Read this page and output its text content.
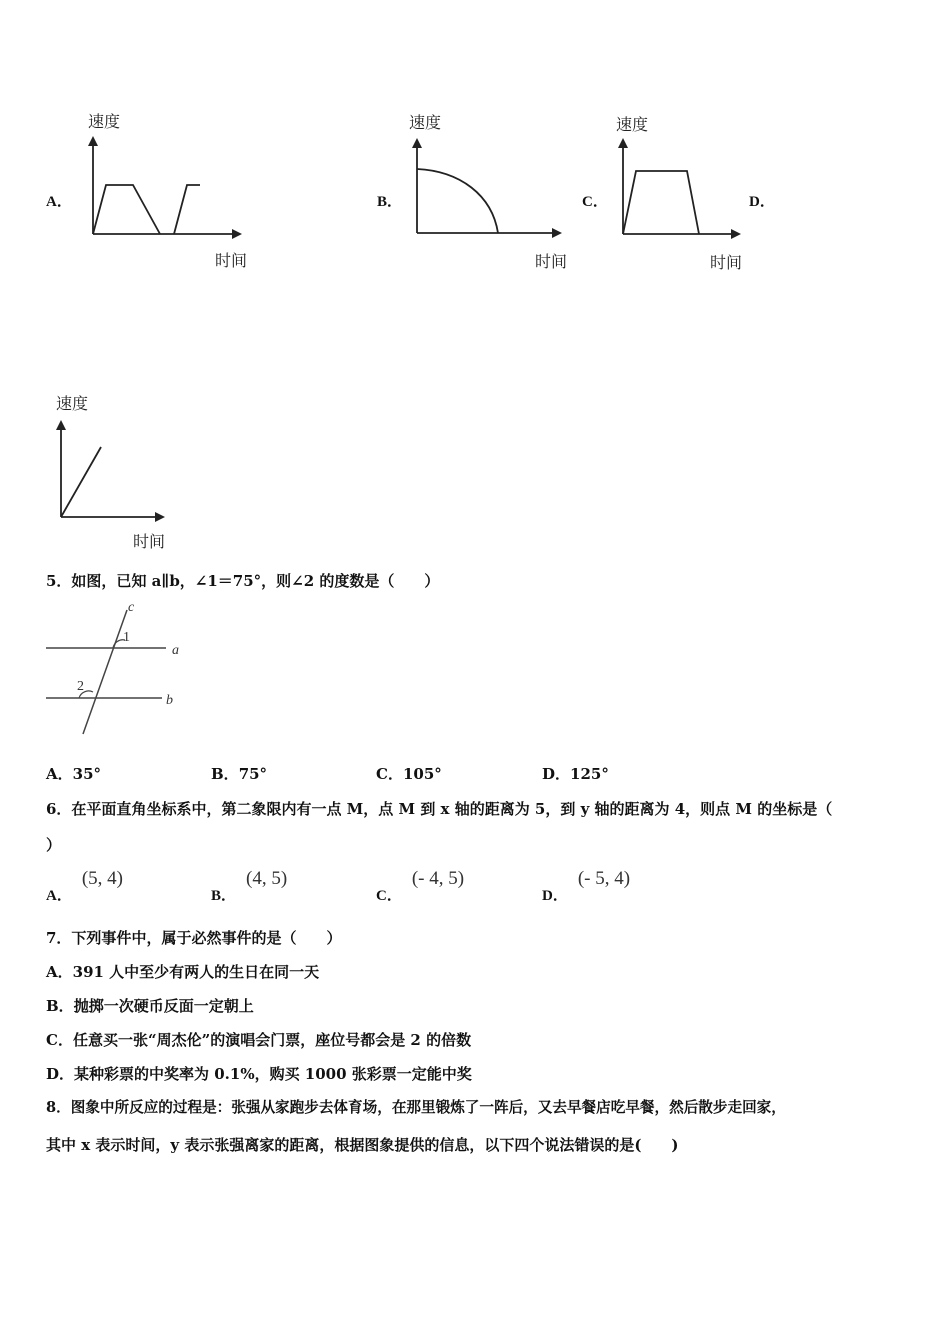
A．
速度
时间
B．
速度
时间
C．
速度
时间
D．
速度
时间
5．如图，已知 a∥b，∠1＝75°，则∠2 的度数是（　　）
c
a
b
1
2
A．35°	B．75°	C．105°	D．125°
6．在平面直角坐标系中，第二象限内有一点 M，点 M 到 x 轴的距离为 5，到 y 轴的距离为 4，则点 M 的坐标是（
）
A．(5, 4)
B．(4, 5)
C．(- 4, 5)
D．(- 5, 4)
7．下列事件中，属于必然事件的是（　　）
A．391 人中至少有两人的生日在同一天
B．抛掷一次硬币反面一定朝上
C．任意买一张“周杰伦”的演唱会门票，座位号都会是 2 的倍数
D．某种彩票的中奖率为 0.1%，购买 1000 张彩票一定能中奖
8．图象中所反应的过程是：张强从家跑步去体育场，在那里锻炼了一阵后，又去早餐店吃早餐，然后散步走回家，
其中 x 表示时间，y 表示张强离家的距离，根据图象提供的信息，以下四个说法错误的是(　　)
